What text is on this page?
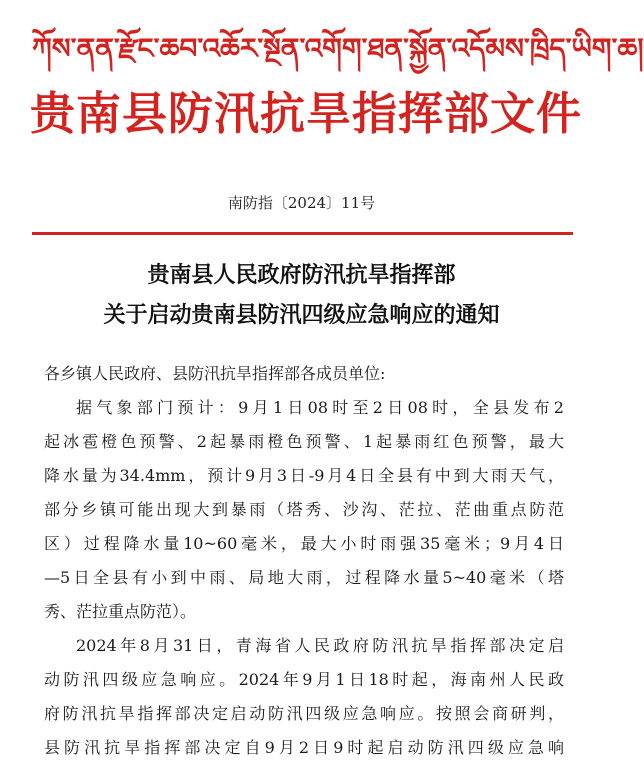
ཀོས་ནན་རྫོང་ཆབ་འཆོར་སྔོན་འགོག་ཐན་སྐྱོན་འདོམས་ཁྲིད་ཡིག་ཆ།
贵南县防汛抗旱指挥部文件
南防指〔2024〕11号
贵南县人民政府防汛抗旱指挥部
关于启动贵南县防汛四级应急响应的通知
各乡镇人民政府、县防汛抗旱指挥部各成员单位:
据气象部门预计：9月1日08时至2日08时，全县发布2
起冰雹橙色预警、2起暴雨橙色预警、1起暴雨红色预警，最大
降水量为34.4mm，预计9月3日-9月4日全县有中到大雨天气，
部分乡镇可能出现大到暴雨（塔秀、沙沟、茫拉、茫曲重点防范
区）过程降水量10~60毫米，最大小时雨强35毫米；9月4日
—5日全县有小到中雨、局地大雨，过程降水量5~40毫米（塔
秀、茫拉重点防范）。
2024年8月31日，青海省人民政府防汛抗旱指挥部决定启
动防汛四级应急响应。2024年9月1日18时起，海南州人民政
府防汛抗旱指挥部决定启动防汛四级应急响应。按照会商研判，
县防汛抗旱指挥部决定自9月2日9时起启动防汛四级应急响
